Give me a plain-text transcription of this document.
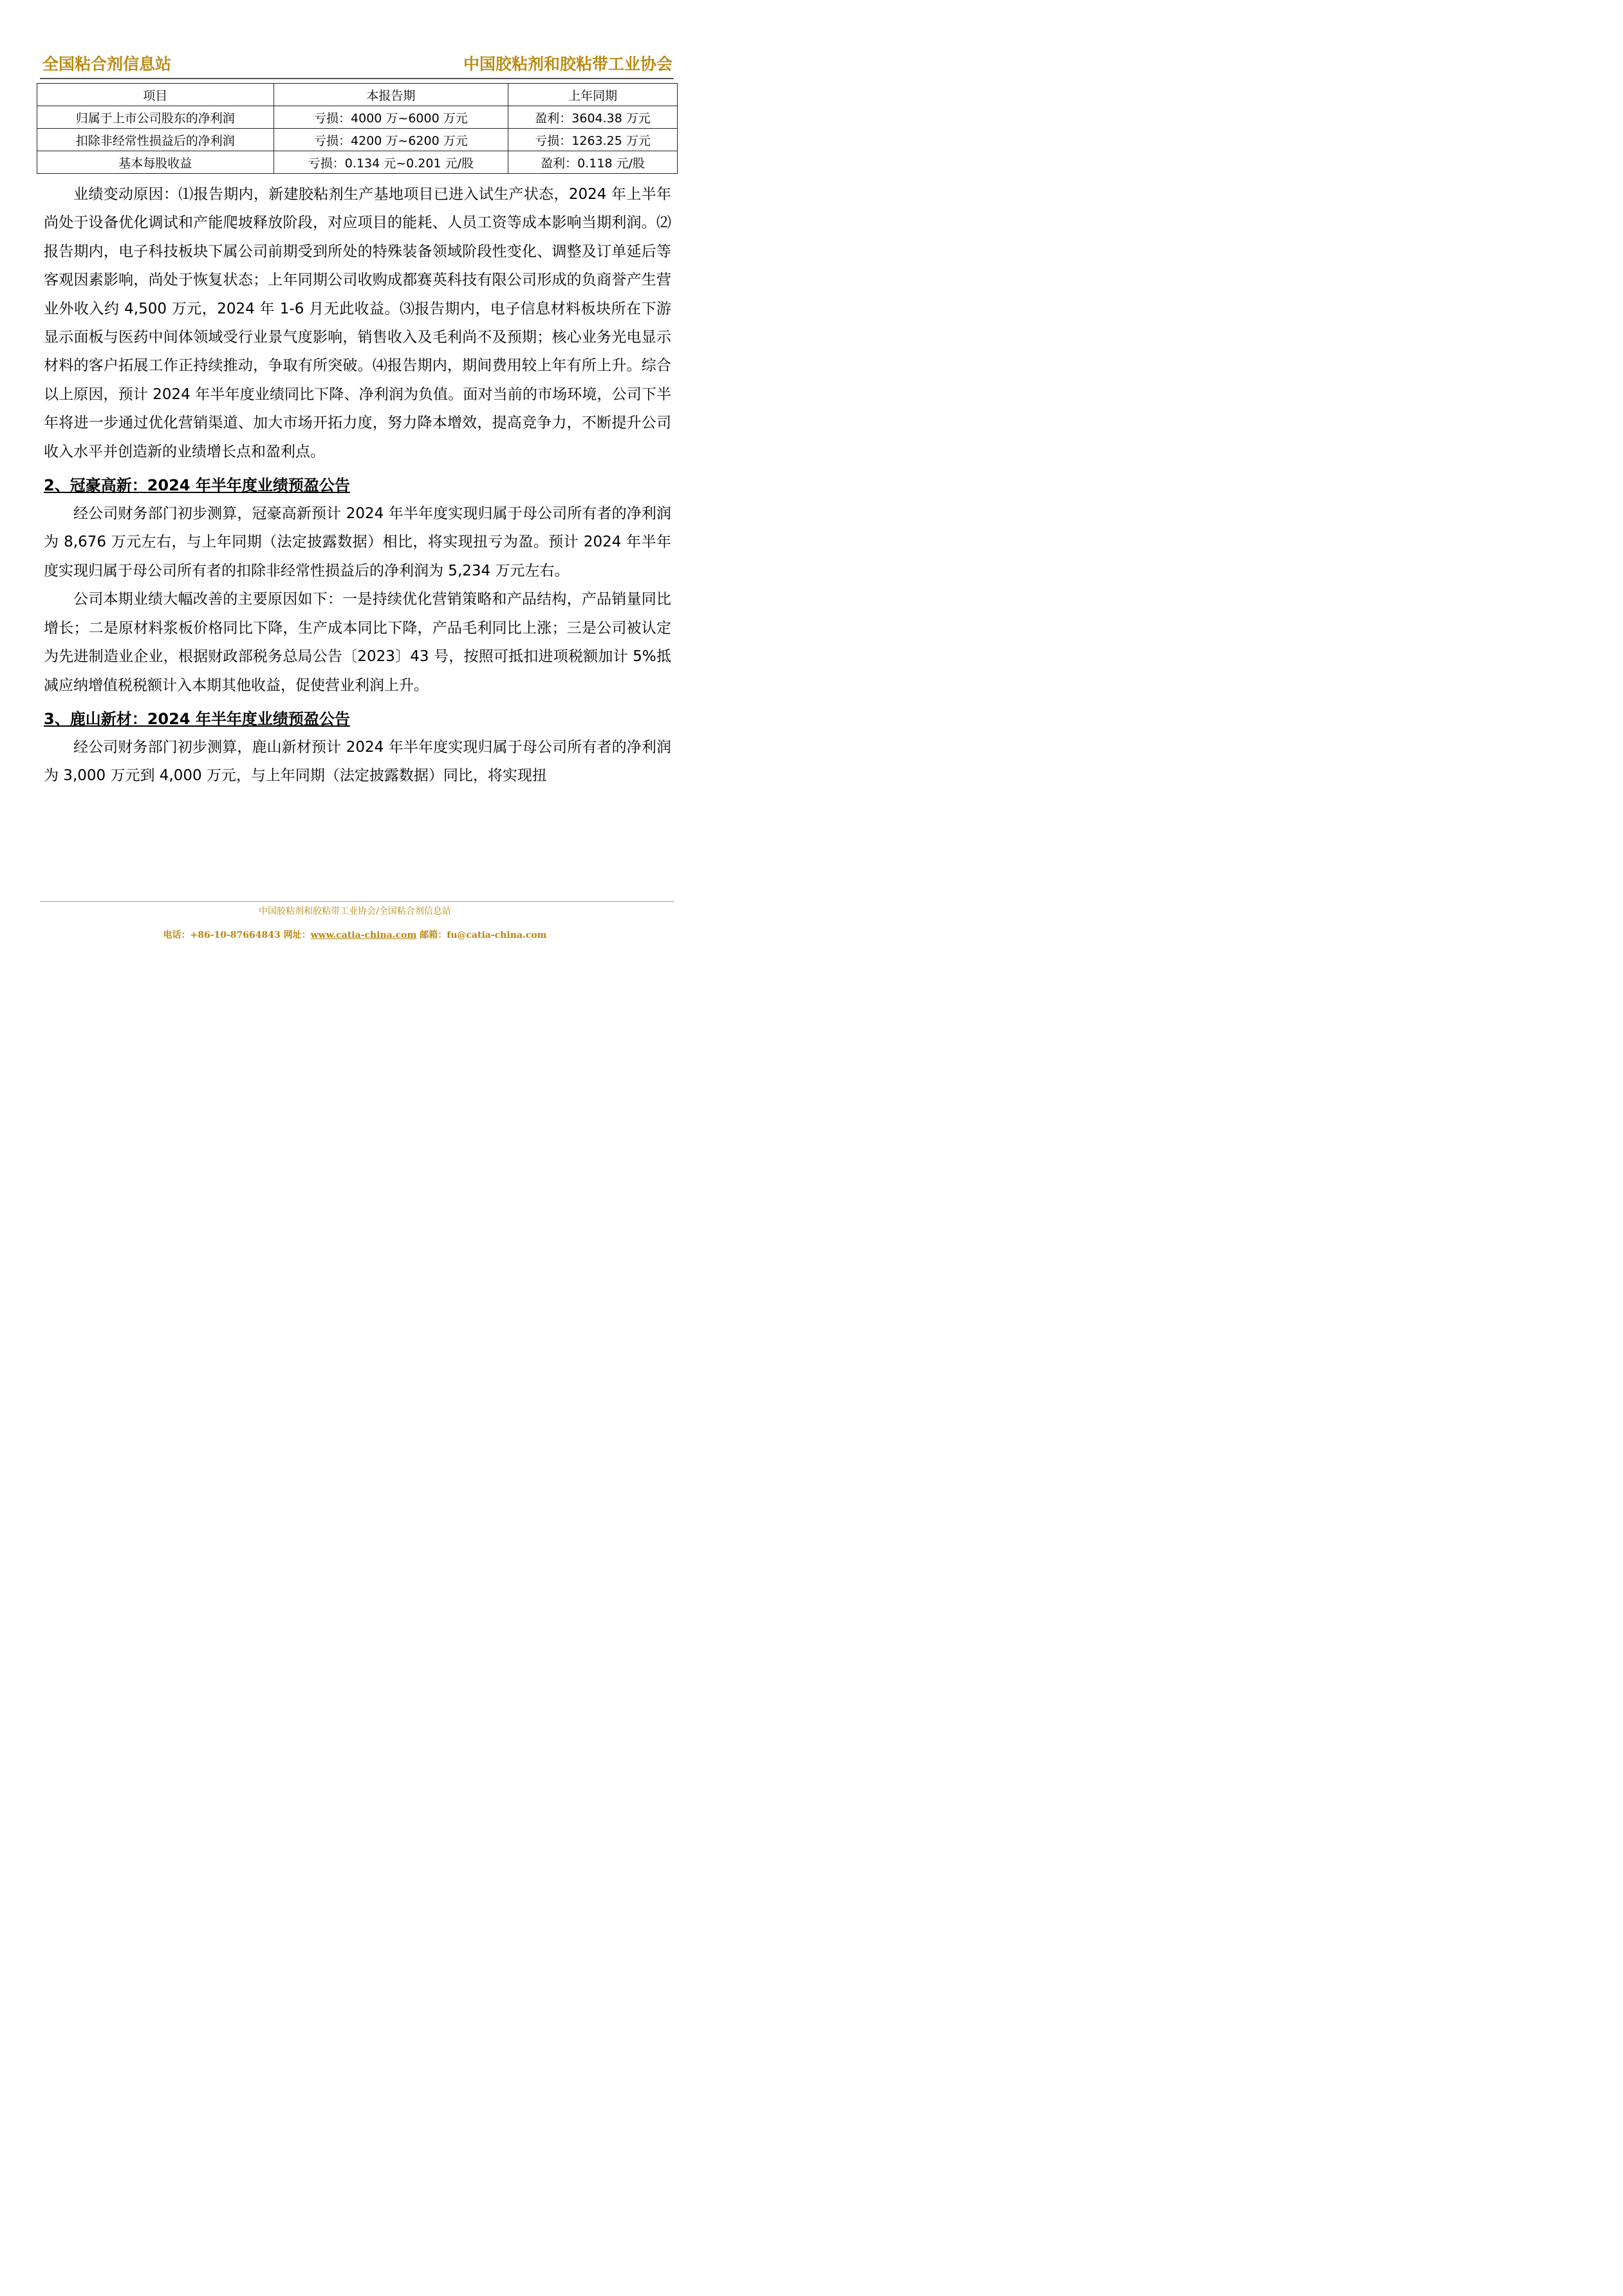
全国粘合剂信息站	中国胶粘剂和胶粘带工业协会
项目	本报告期	上年同期
归属于上市公司股东的净利润	亏损：4000 万~6000 万元	盈利：3604.38 万元
扣除非经常性损益后的净利润	亏损：4200 万~6200 万元	亏损：1263.25 万元
基本每股收益	亏损：0.134 元~0.201 元/股	盈利：0.118 元/股

业绩变动原因：⑴报告期内，新建胶粘剂生产基地项目已进入试生产状态，2024 年上半年尚处于设备优化调试和产能爬坡释放阶段，对应项目的能耗、人员工资等成本影响当期利润。⑵报告期内，电子科技板块下属公司前期受到所处的特殊装备领域阶段性变化、调整及订单延后等客观因素影响，尚处于恢复状态；上年同期公司收购成都赛英科技有限公司形成的负商誉产生营业外收入约 4,500 万元，2024 年 1-6 月无此收益。⑶报告期内，电子信息材料板块所在下游显示面板与医药中间体领域受行业景气度影响，销售收入及毛利尚不及预期；核心业务光电显示材料的客户拓展工作正持续推动，争取有所突破。⑷报告期内，期间费用较上年有所上升。综合以上原因，预计 2024 年半年度业绩同比下降、净利润为负值。面对当前的市场环境，公司下半年将进一步通过优化营销渠道、加大市场开拓力度，努力降本增效，提高竞争力，不断提升公司收入水平并创造新的业绩增长点和盈利点。

2、冠豪高新：2024 年半年度业绩预盈公告

经公司财务部门初步测算，冠豪高新预计 2024 年半年度实现归属于母公司所有者的净利润为 8,676 万元左右，与上年同期（法定披露数据）相比，将实现扭亏为盈。预计 2024 年半年度实现归属于母公司所有者的扣除非经常性损益后的净利润为 5,234 万元左右。

公司本期业绩大幅改善的主要原因如下：一是持续优化营销策略和产品结构，产品销量同比增长；二是原材料浆板价格同比下降，生产成本同比下降，产品毛利同比上涨；三是公司被认定为先进制造业企业，根据财政部税务总局公告〔2023〕43 号，按照可抵扣进项税额加计 5%抵减应纳增值税税额计入本期其他收益，促使营业利润上升。

3、鹿山新材：2024 年半年度业绩预盈公告

经公司财务部门初步测算，鹿山新材预计 2024 年半年度实现归属于母公司所有者的净利润为 3,000 万元到 4,000 万元，与上年同期（法定披露数据）同比，将实现扭

中国胶粘剂和胶粘带工业协会/全国粘合剂信息站
电话：+86-10-87664843 网址：www.catia-china.com 邮箱：fu@catia-china.com
